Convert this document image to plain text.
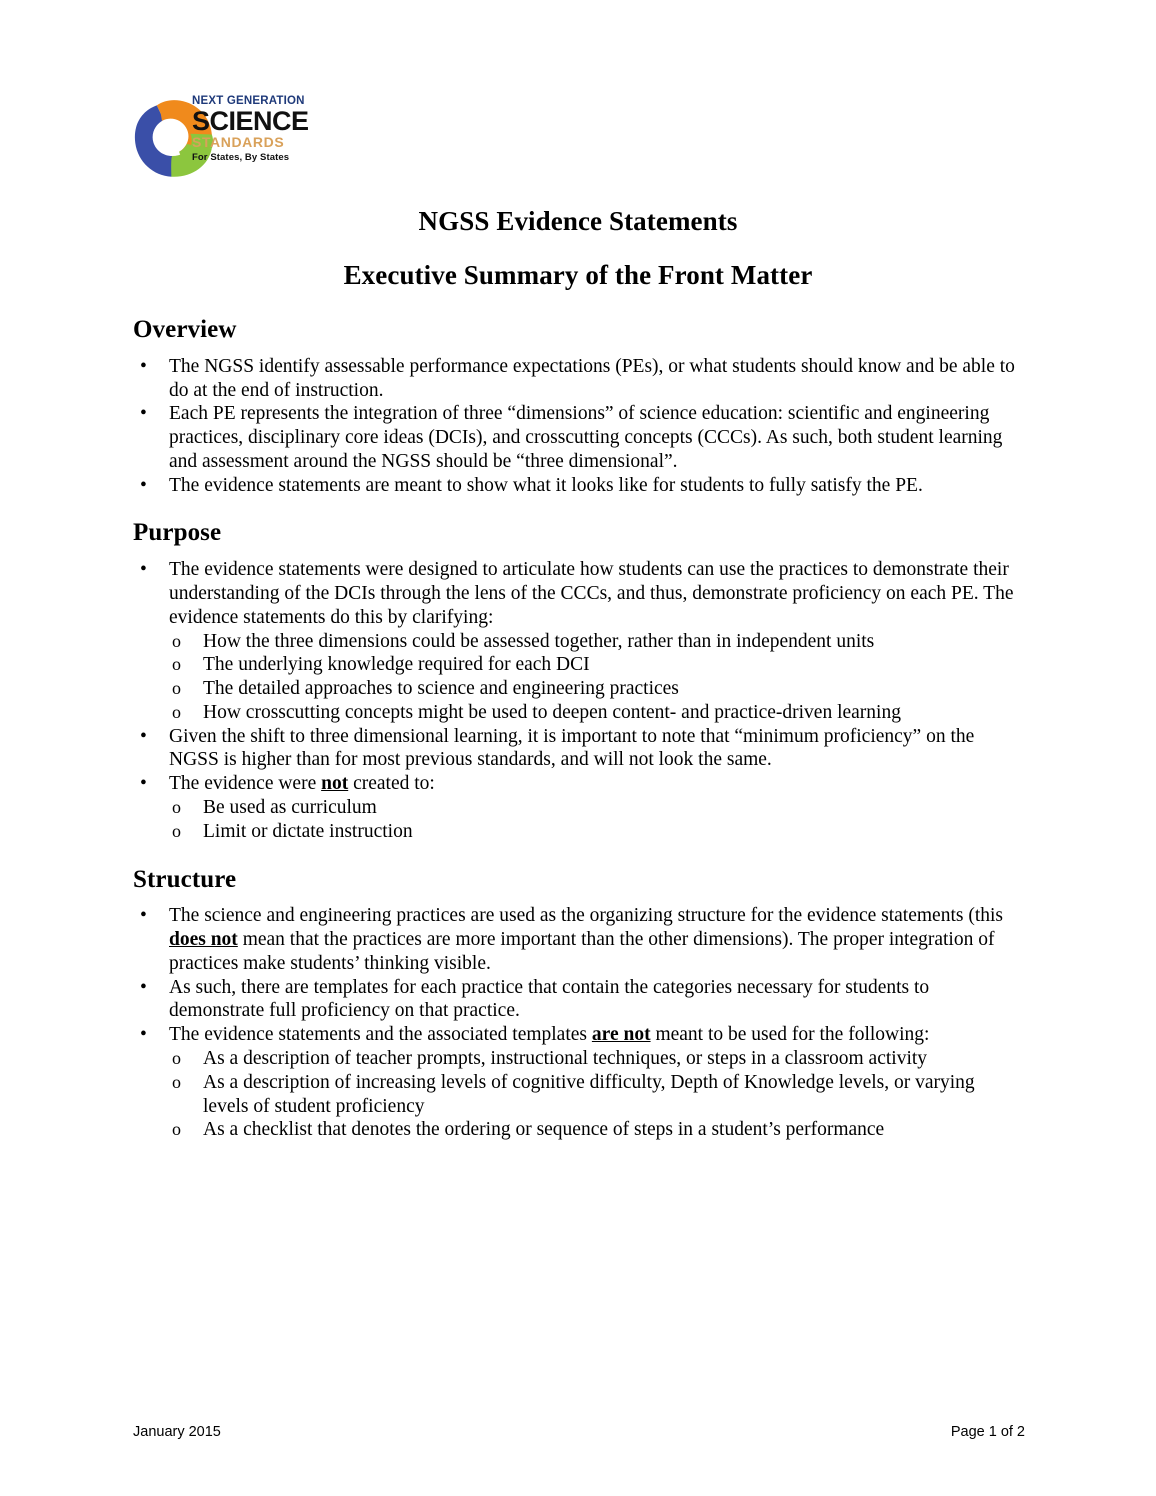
NEXT GENERATION
SCIENCE
STANDARDS
For States, By States
NGSS Evidence Statements
Executive Summary of the Front Matter
Overview
• The NGSS identify assessable performance expectations (PEs), or what students should know and be able to do at the end of instruction.
• Each PE represents the integration of three “dimensions” of science education: scientific and engineering practices, disciplinary core ideas (DCIs), and crosscutting concepts (CCCs). As such, both student learning and assessment around the NGSS should be “three dimensional”.
• The evidence statements are meant to show what it looks like for students to fully satisfy the PE.
Purpose
• The evidence statements were designed to articulate how students can use the practices to demonstrate their understanding of the DCIs through the lens of the CCCs, and thus, demonstrate proficiency on each PE. The evidence statements do this by clarifying:
o How the three dimensions could be assessed together, rather than in independent units
o The underlying knowledge required for each DCI
o The detailed approaches to science and engineering practices
o How crosscutting concepts might be used to deepen content- and practice-driven learning
• Given the shift to three dimensional learning, it is important to note that “minimum proficiency” on the NGSS is higher than for most previous standards, and will not look the same.
• The evidence were not created to:
o Be used as curriculum
o Limit or dictate instruction
Structure
• The science and engineering practices are used as the organizing structure for the evidence statements (this does not mean that the practices are more important than the other dimensions). The proper integration of practices make students’ thinking visible.
• As such, there are templates for each practice that contain the categories necessary for students to demonstrate full proficiency on that practice.
• The evidence statements and the associated templates are not meant to be used for the following:
o As a description of teacher prompts, instructional techniques, or steps in a classroom activity
o As a description of increasing levels of cognitive difficulty, Depth of Knowledge levels, or varying levels of student proficiency
o As a checklist that denotes the ordering or sequence of steps in a student’s performance
January 2015	Page 1 of 2
